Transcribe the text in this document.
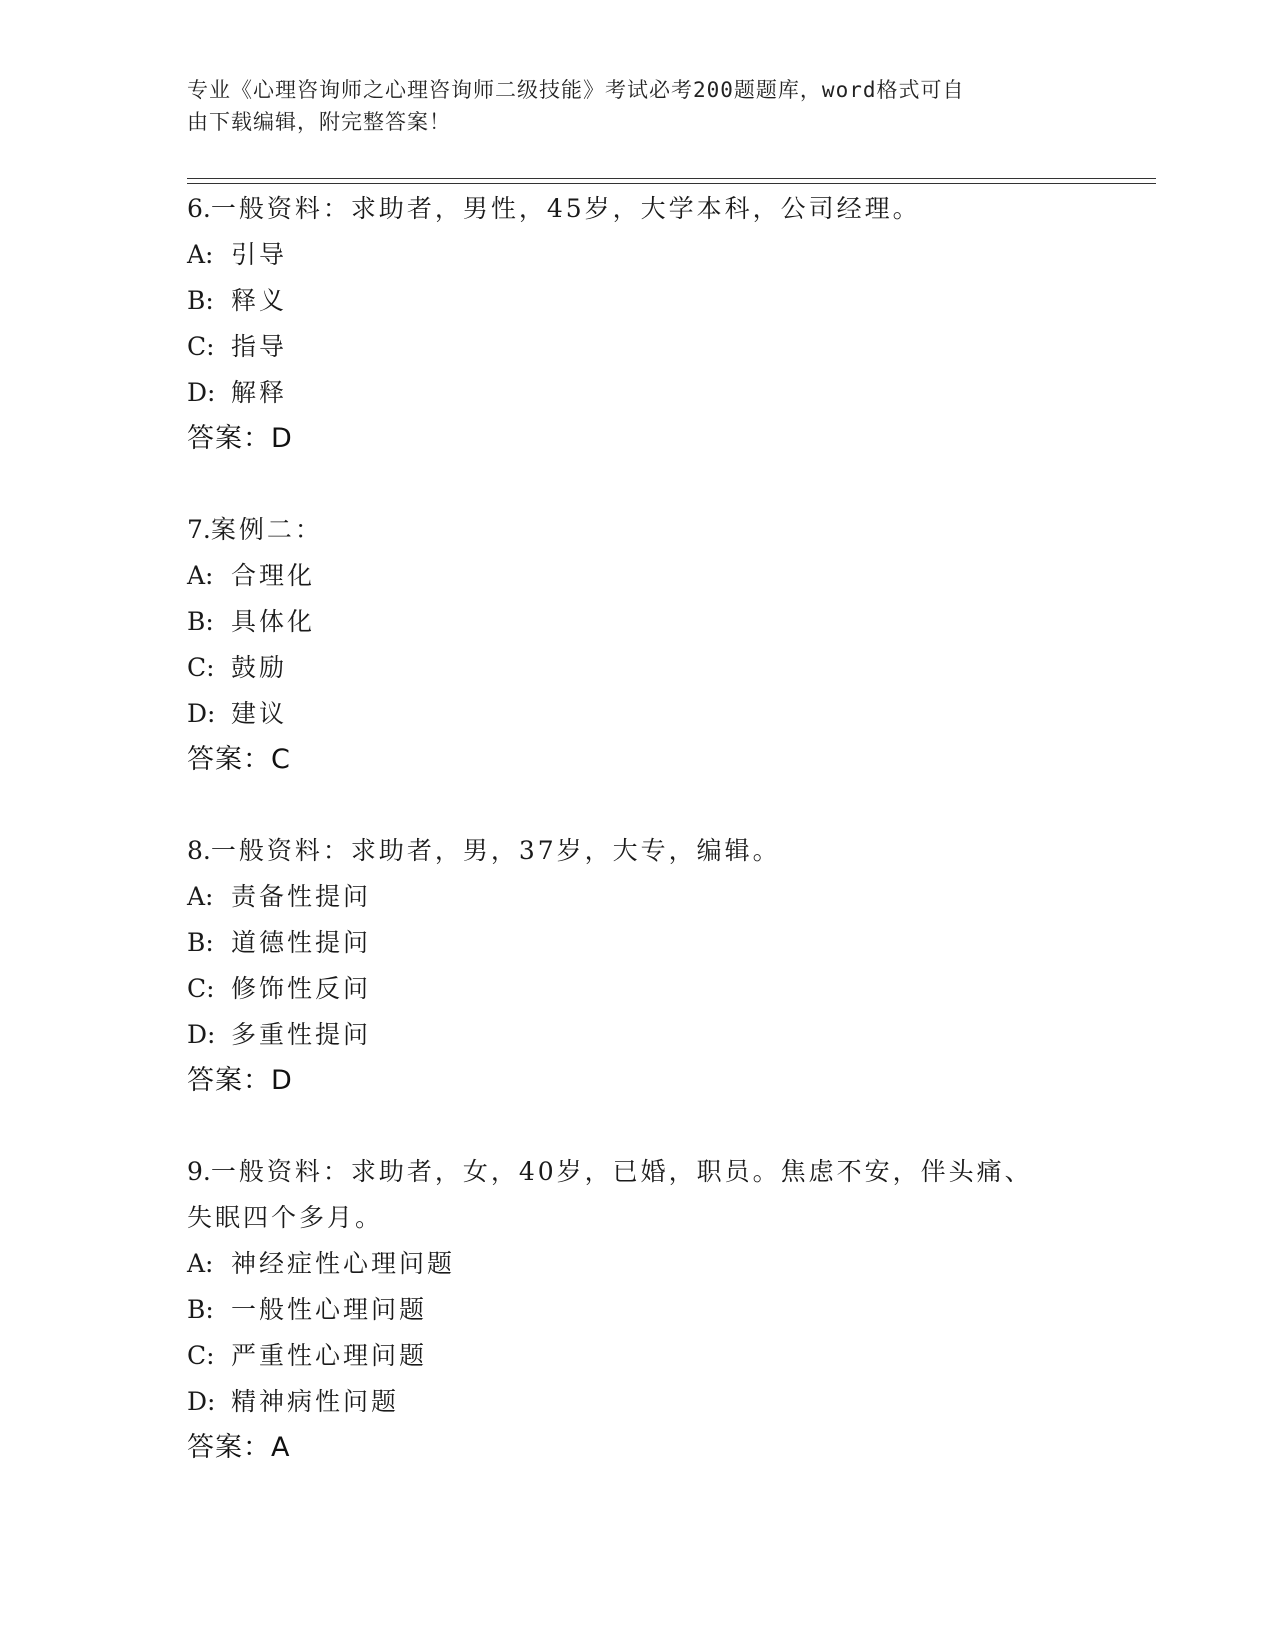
专业《心理咨询师之心理咨询师二级技能》考试必考200题题库，word格式可自
由下载编辑，附完整答案！
6.一般资料：求助者，男性，45岁，大学本科，公司经理。
A: 引导
B: 释义
C: 指导
D: 解释
答案：D
7.案例二：
A: 合理化
B: 具体化
C: 鼓励
D: 建议
答案：C
8.一般资料：求助者，男，37岁，大专，编辑。
A: 责备性提问
B: 道德性提问
C: 修饰性反问
D: 多重性提问
答案：D
9.一般资料：求助者，女，40岁，已婚，职员。焦虑不安，伴头痛、
失眠四个多月。
A: 神经症性心理问题
B: 一般性心理问题
C: 严重性心理问题
D: 精神病性问题
答案：A
